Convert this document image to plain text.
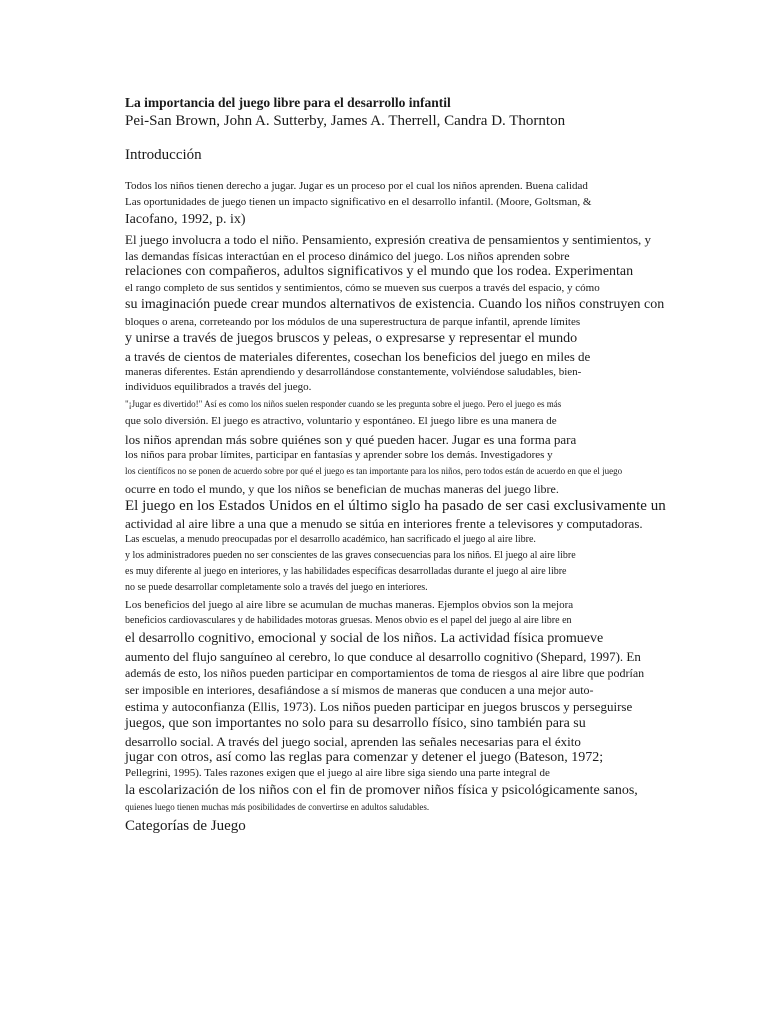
La importancia del juego libre para el desarrollo infantil
Pei-San Brown, John A. Sutterby, James A. Therrell, Candra D. Thornton
Introducción
Todos los niños tienen derecho a jugar. Jugar es un proceso por el cual los niños aprenden. Buena calidad
Las oportunidades de juego tienen un impacto significativo en el desarrollo infantil. (Moore, Goltsman, &
Iacofano, 1992, p. ix)
El juego involucra a todo el niño. Pensamiento, expresión creativa de pensamientos y sentimientos, y
las demandas físicas interactúan en el proceso dinámico del juego. Los niños aprenden sobre
relaciones con compañeros, adultos significativos y el mundo que los rodea. Experimentan
el rango completo de sus sentidos y sentimientos, cómo se mueven sus cuerpos a través del espacio, y cómo
su imaginación puede crear mundos alternativos de existencia. Cuando los niños construyen con
bloques o arena, correteando por los módulos de una superestructura de parque infantil, aprende límites
y unirse a través de juegos bruscos y peleas, o expresarse y representar el mundo
a través de cientos de materiales diferentes, cosechan los beneficios del juego en miles de
maneras diferentes. Están aprendiendo y desarrollándose constantemente, volviéndose saludables, bien-
individuos equilibrados a través del juego.
"¡Jugar es divertido!" Así es como los niños suelen responder cuando se les pregunta sobre el juego. Pero el juego es más
que solo diversión. El juego es atractivo, voluntario y espontáneo. El juego libre es una manera de
los niños aprendan más sobre quiénes son y qué pueden hacer. Jugar es una forma para
los niños para probar límites, participar en fantasías y aprender sobre los demás. Investigadores y
los científicos no se ponen de acuerdo sobre por qué el juego es tan importante para los niños, pero todos están de acuerdo en que el juego
ocurre en todo el mundo, y que los niños se benefician de muchas maneras del juego libre.
El juego en los Estados Unidos en el último siglo ha pasado de ser casi exclusivamente un
actividad al aire libre a una que a menudo se sitúa en interiores frente a televisores y computadoras.
Las escuelas, a menudo preocupadas por el desarrollo académico, han sacrificado el juego al aire libre.
y los administradores pueden no ser conscientes de las graves consecuencias para los niños. El juego al aire libre
es muy diferente al juego en interiores, y las habilidades específicas desarrolladas durante el juego al aire libre
no se puede desarrollar completamente solo a través del juego en interiores.
Los beneficios del juego al aire libre se acumulan de muchas maneras. Ejemplos obvios son la mejora
beneficios cardiovasculares y de habilidades motoras gruesas. Menos obvio es el papel del juego al aire libre en
el desarrollo cognitivo, emocional y social de los niños. La actividad física promueve
aumento del flujo sanguíneo al cerebro, lo que conduce al desarrollo cognitivo (Shepard, 1997). En
además de esto, los niños pueden participar en comportamientos de toma de riesgos al aire libre que podrían
ser imposible en interiores, desafiándose a sí mismos de maneras que conducen a una mejor auto-
estima y autoconfianza (Ellis, 1973). Los niños pueden participar en juegos bruscos y perseguirse
juegos, que son importantes no solo para su desarrollo físico, sino también para su
desarrollo social. A través del juego social, aprenden las señales necesarias para el éxito
jugar con otros, así como las reglas para comenzar y detener el juego (Bateson, 1972;
Pellegrini, 1995). Tales razones exigen que el juego al aire libre siga siendo una parte integral de
la escolarización de los niños con el fin de promover niños física y psicológicamente sanos,
quienes luego tienen muchas más posibilidades de convertirse en adultos saludables.
Categorías de Juego
